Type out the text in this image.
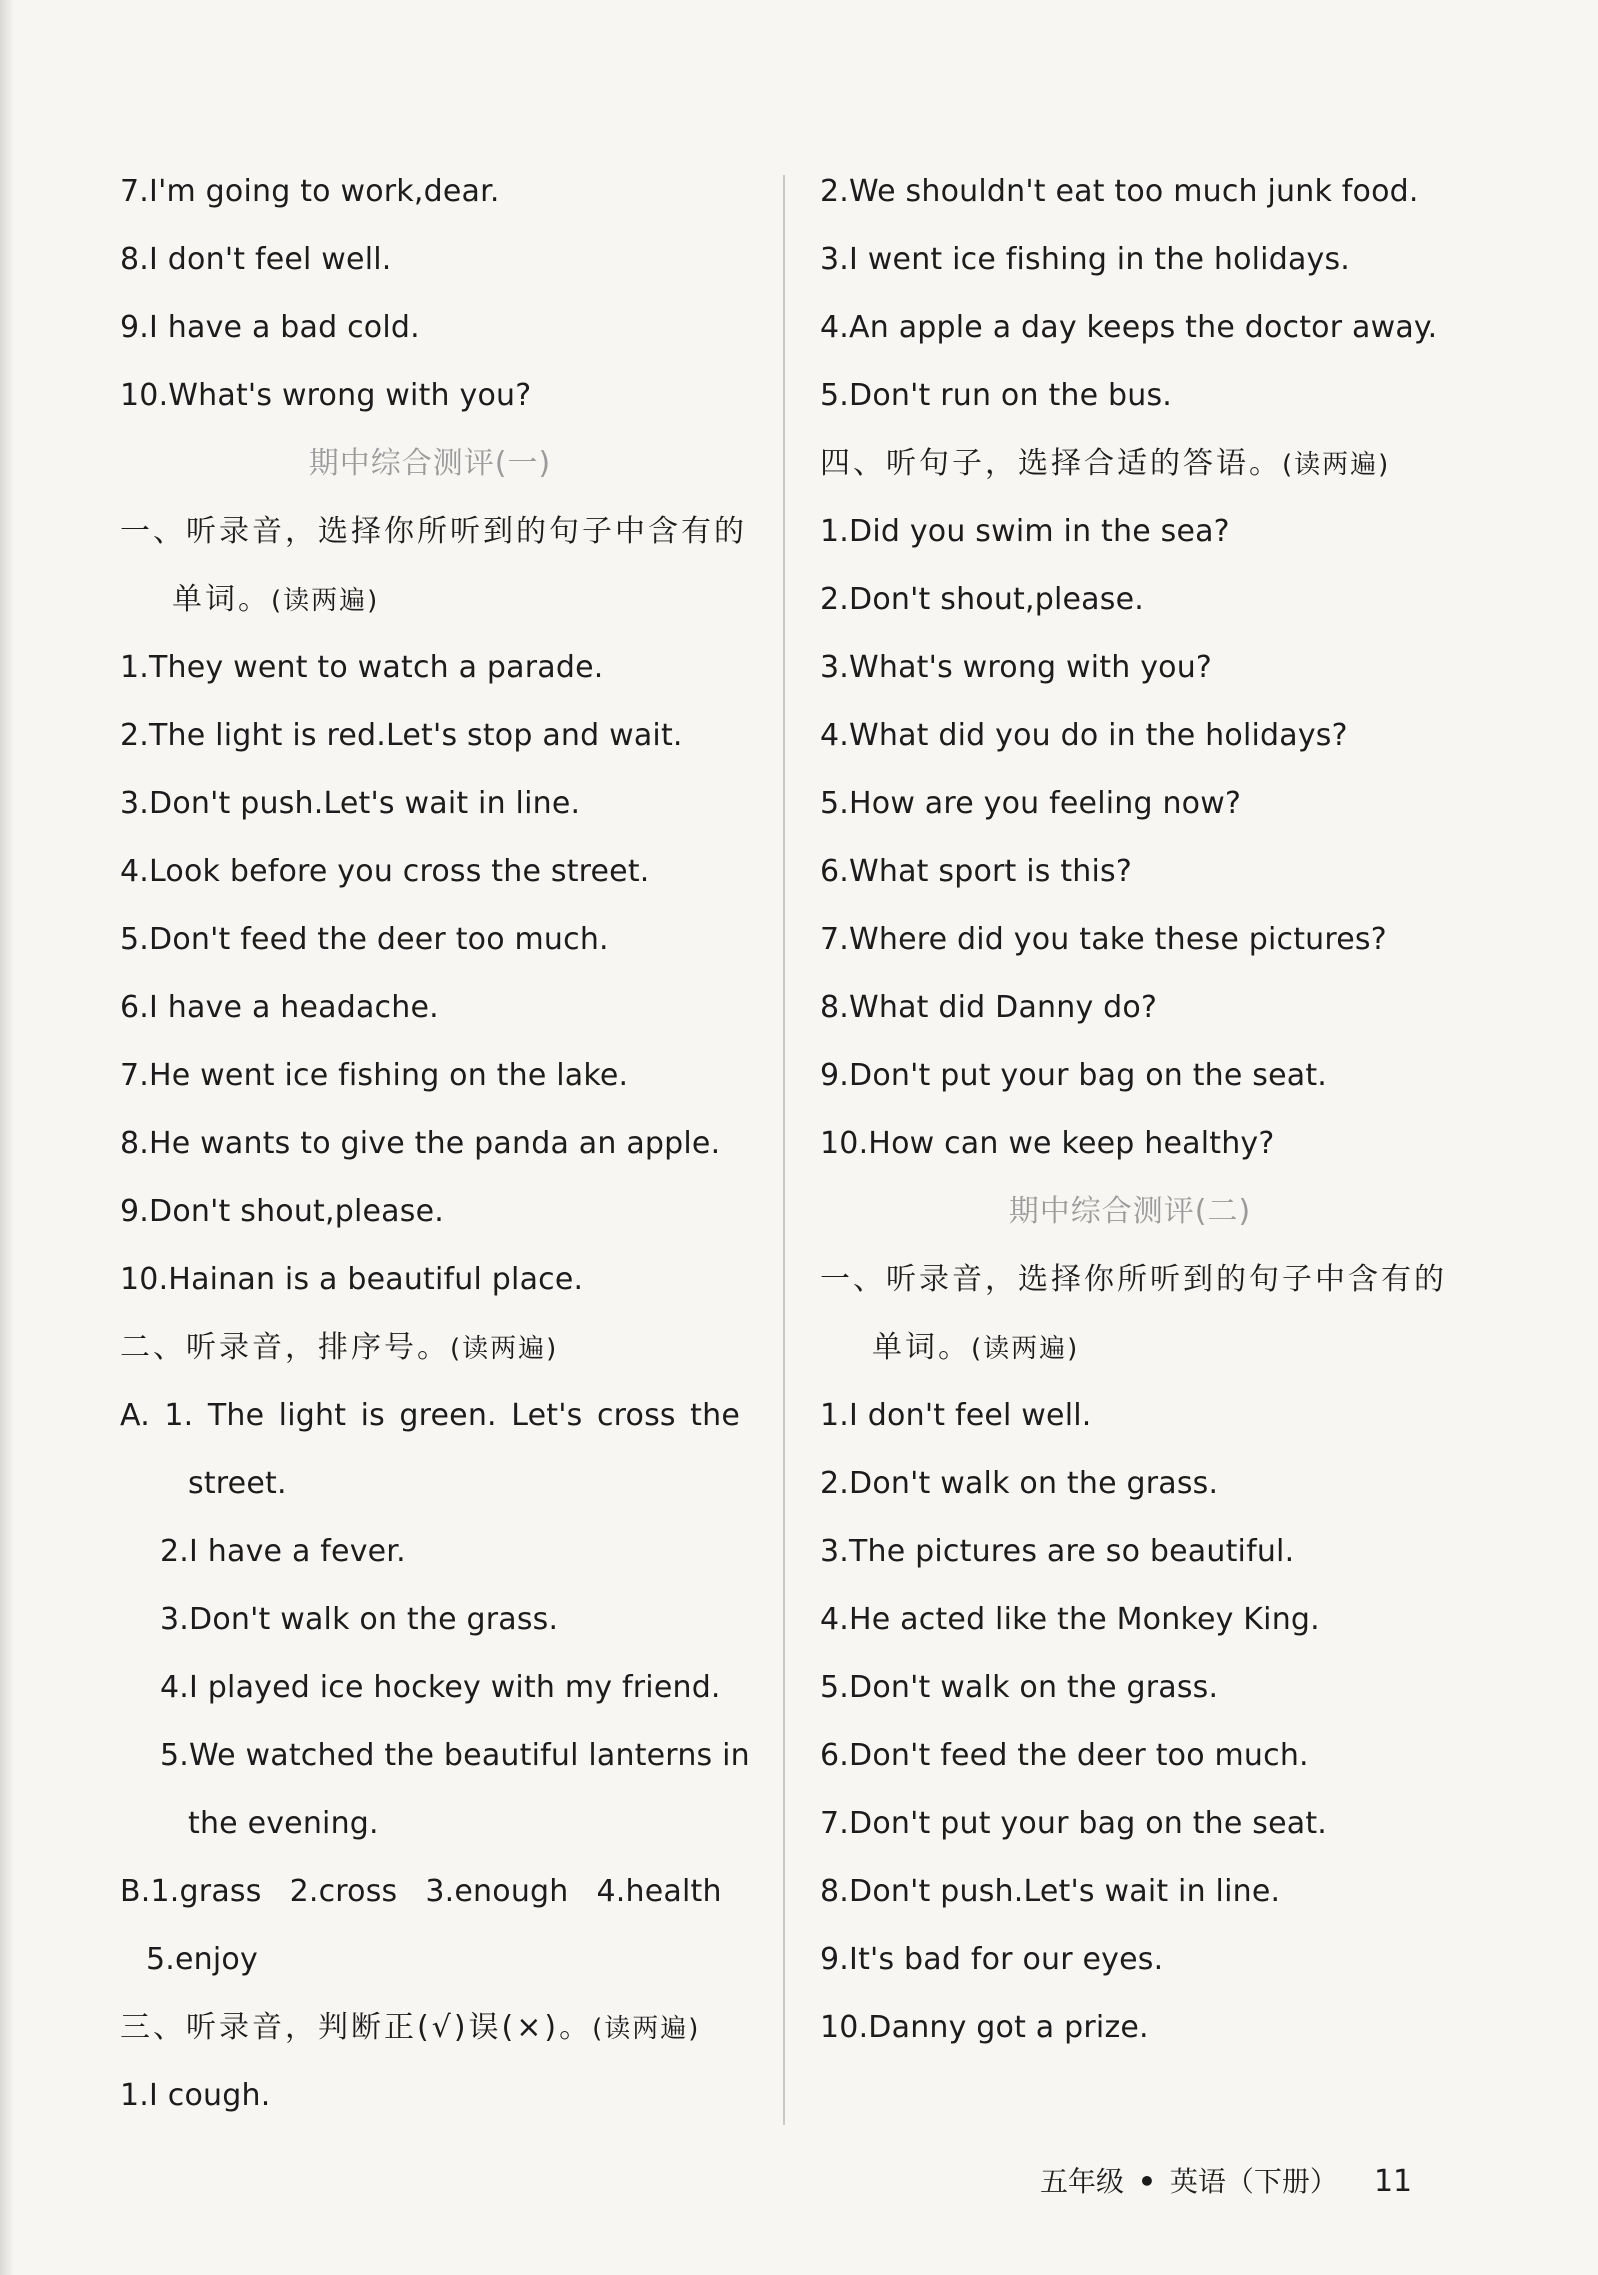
7.I'm going to work,dear.
8.I don't feel well.
9.I have a bad cold.
10.What's wrong with you?
期中综合测评(一)
一、听录音，选择你所听到的句子中含有的
单词。(读两遍)
1.They went to watch a parade.
2.The light is red.Let's stop and wait.
3.Don't push.Let's wait in line.
4.Look before you cross the street.
5.Don't feed the deer too much.
6.I have a headache.
7.He went ice fishing on the lake.
8.He wants to give the panda an apple.
9.Don't shout,please.
10.Hainan is a beautiful place.
二、听录音，排序号。(读两遍)
A. 1. The light is green. Let's cross the
street.
2.I have a fever.
3.Don't walk on the grass.
4.I played ice hockey with my friend.
5.We watched the beautiful lanterns in
the evening.
B.1.grass 2.cross 3.enough 4.health
5.enjoy
三、听录音，判断正(√)误(×)。(读两遍)
1.I cough.
2.We shouldn't eat too much junk food.
3.I went ice fishing in the holidays.
4.An apple a day keeps the doctor away.
5.Don't run on the bus.
四、听句子，选择合适的答语。(读两遍)
1.Did you swim in the sea?
2.Don't shout,please.
3.What's wrong with you?
4.What did you do in the holidays?
5.How are you feeling now?
6.What sport is this?
7.Where did you take these pictures?
8.What did Danny do?
9.Don't put your bag on the seat.
10.How can we keep healthy?
期中综合测评(二)
一、听录音，选择你所听到的句子中含有的
单词。(读两遍)
1.I don't feel well.
2.Don't walk on the grass.
3.The pictures are so beautiful.
4.He acted like the Monkey King.
5.Don't walk on the grass.
6.Don't feed the deer too much.
7.Don't put your bag on the seat.
8.Don't push.Let's wait in line.
9.It's bad for our eyes.
10.Danny got a prize.
五年级 • 英语（下册） 11
